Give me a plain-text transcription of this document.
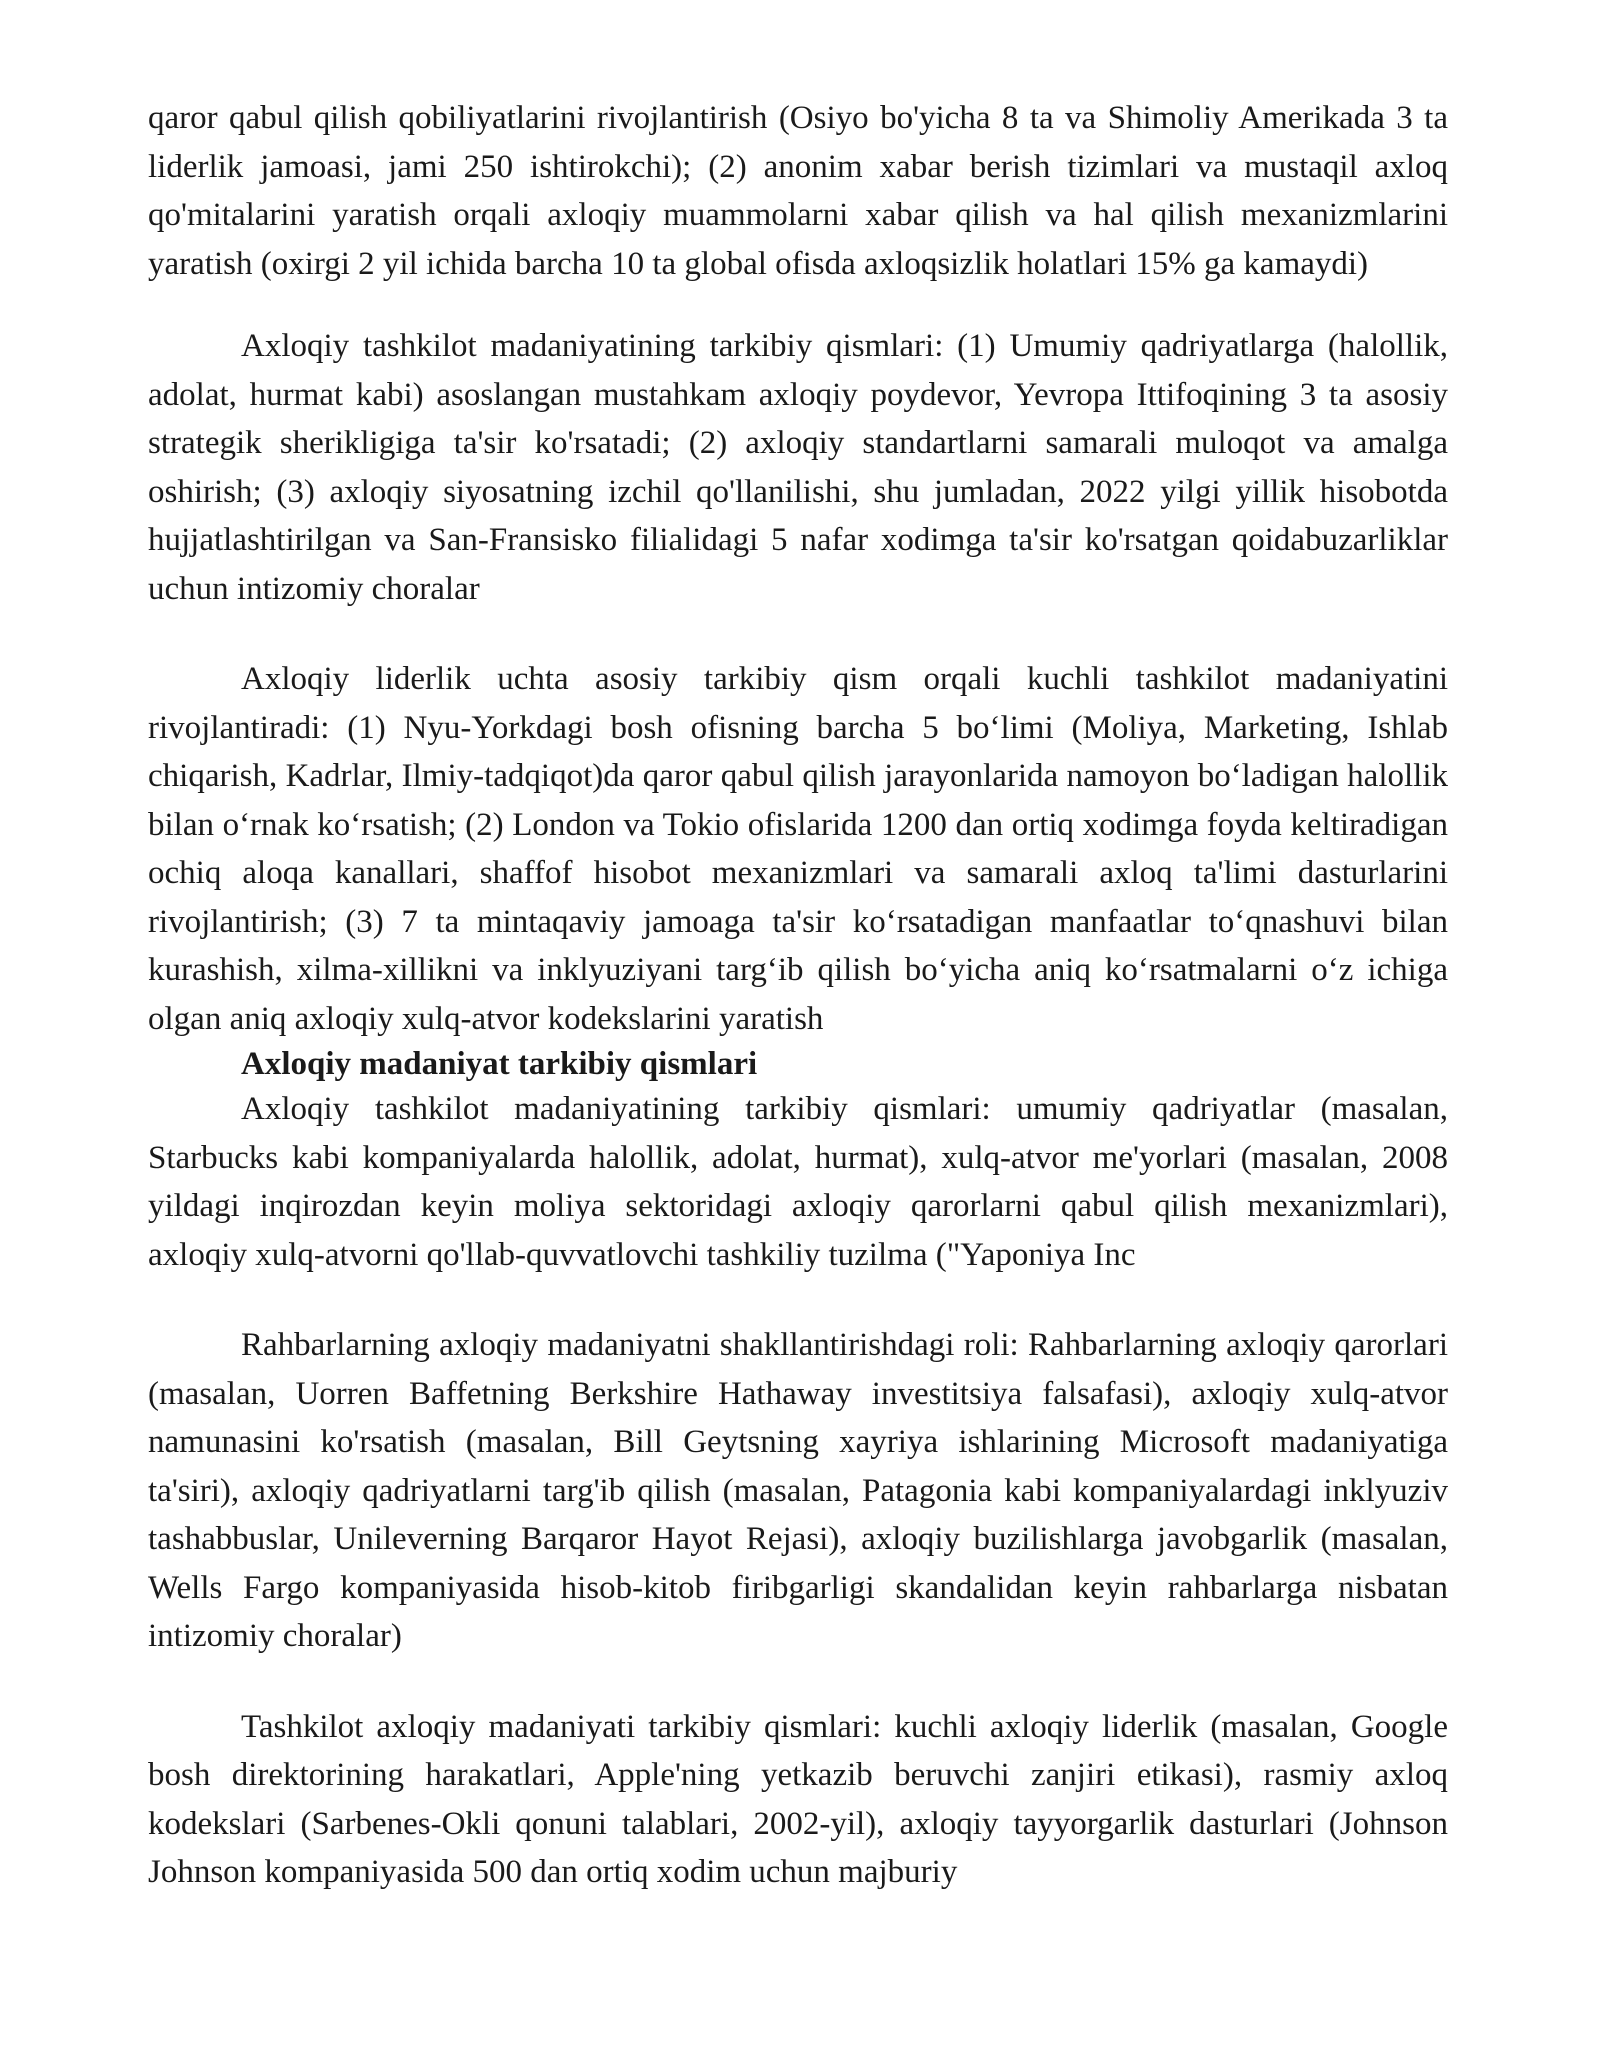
qaror qabul qilish qobiliyatlarini rivojlantirish (Osiyo bo'yicha 8 ta va Shimoliy Amerikada 3 ta liderlik jamoasi, jami 250 ishtirokchi); (2) anonim xabar berish tizimlari va mustaqil axloq qo'mitalarini yaratish orqali axloqiy muammolarni xabar qilish va hal qilish mexanizmlarini yaratish (oxirgi 2 yil ichida barcha 10 ta global ofisda axloqsizlik holatlari 15% ga kamaydi)

Axloqiy tashkilot madaniyatining tarkibiy qismlari: (1) Umumiy qadriyatlarga (halollik, adolat, hurmat kabi) asoslangan mustahkam axloqiy poydevor, Yevropa Ittifoqining 3 ta asosiy strategik sherikligiga ta'sir ko'rsatadi; (2) axloqiy standartlarni samarali muloqot va amalga oshirish; (3) axloqiy siyosatning izchil qo'llanilishi, shu jumladan, 2022 yilgi yillik hisobotda hujjatlashtirilgan va San-Fransisko filialidagi 5 nafar xodimga ta'sir ko'rsatgan qoidabuzarliklar uchun intizomiy choralar

Axloqiy liderlik uchta asosiy tarkibiy qism orqali kuchli tashkilot madaniyatini rivojlantiradi: (1) Nyu-Yorkdagi bosh ofisning barcha 5 bo‘limi (Moliya, Marketing, Ishlab chiqarish, Kadrlar, Ilmiy-tadqiqot)da qaror qabul qilish jarayonlarida namoyon bo‘ladigan halollik bilan o‘rnak ko‘rsatish; (2) London va Tokio ofislarida 1200 dan ortiq xodimga foyda keltiradigan ochiq aloqa kanallari, shaffof hisobot mexanizmlari va samarali axloq ta'limi dasturlarini rivojlantirish; (3) 7 ta mintaqaviy jamoaga ta'sir ko‘rsatadigan manfaatlar to‘qnashuvi bilan kurashish, xilma-xillikni va inklyuziyani targ‘ib qilish bo‘yicha aniq ko‘rsatmalarni o‘z ichiga olgan aniq axloqiy xulq-atvor kodekslarini yaratish

Axloqiy madaniyat tarkibiy qismlari

Axloqiy tashkilot madaniyatining tarkibiy qismlari: umumiy qadriyatlar (masalan, Starbucks kabi kompaniyalarda halollik, adolat, hurmat), xulq-atvor me'yorlari (masalan, 2008 yildagi inqirozdan keyin moliya sektoridagi axloqiy qarorlarni qabul qilish mexanizmlari), axloqiy xulq-atvorni qo'llab-quvvatlovchi tashkiliy tuzilma ("Yaponiya Inc

Rahbarlarning axloqiy madaniyatni shakllantirishdagi roli: Rahbarlarning axloqiy qarorlari (masalan, Uorren Baffetning Berkshire Hathaway investitsiya falsafasi), axloqiy xulq-atvor namunasini ko'rsatish (masalan, Bill Geytsning xayriya ishlarining Microsoft madaniyatiga ta'siri), axloqiy qadriyatlarni targ'ib qilish (masalan, Patagonia kabi kompaniyalardagi inklyuziv tashabbuslar, Unileverning Barqaror Hayot Rejasi), axloqiy buzilishlarga javobgarlik (masalan, Wells Fargo kompaniyasida hisob-kitob firibgarligi skandalidan keyin rahbarlarga nisbatan intizomiy choralar)

Tashkilot axloqiy madaniyati tarkibiy qismlari: kuchli axloqiy liderlik (masalan, Google bosh direktorining harakatlari, Apple'ning yetkazib beruvchi zanjiri etikasi), rasmiy axloq kodekslari (Sarbenes-Okli qonuni talablari, 2002-yil), axloqiy tayyorgarlik dasturlari (Johnson Johnson kompaniyasida 500 dan ortiq xodim uchun majburiy
